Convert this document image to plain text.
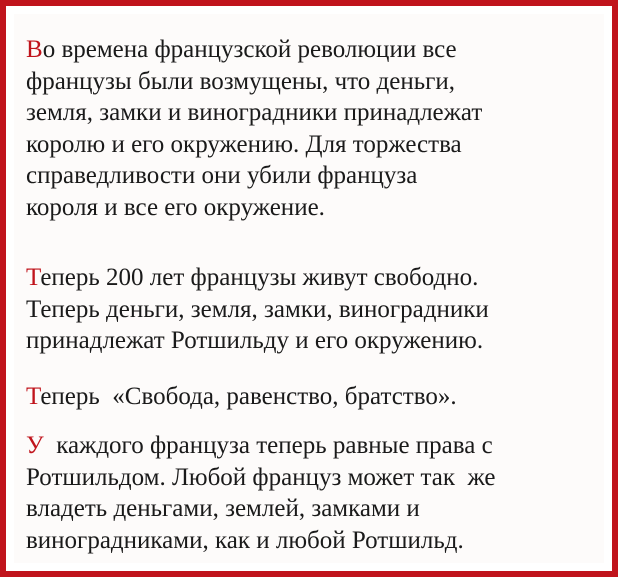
Во времена французской революции все
французы были возмущены, что деньги,
земля, замки и виноградники принадлежат
королю и его окружению. Для торжества
справедливости они убили француза
короля и все его окружение.

Теперь 200 лет французы живут свободно.
Теперь деньги, земля, замки, виноградники
принадлежат Ротшильду и его окружению.

Теперь  «Свобода, равенство, братство».

У  каждого француза теперь равные права с
Ротшильдом. Любой француз может так  же
владеть деньгами, землей, замками и
виноградниками, как и любой Ротшильд.
